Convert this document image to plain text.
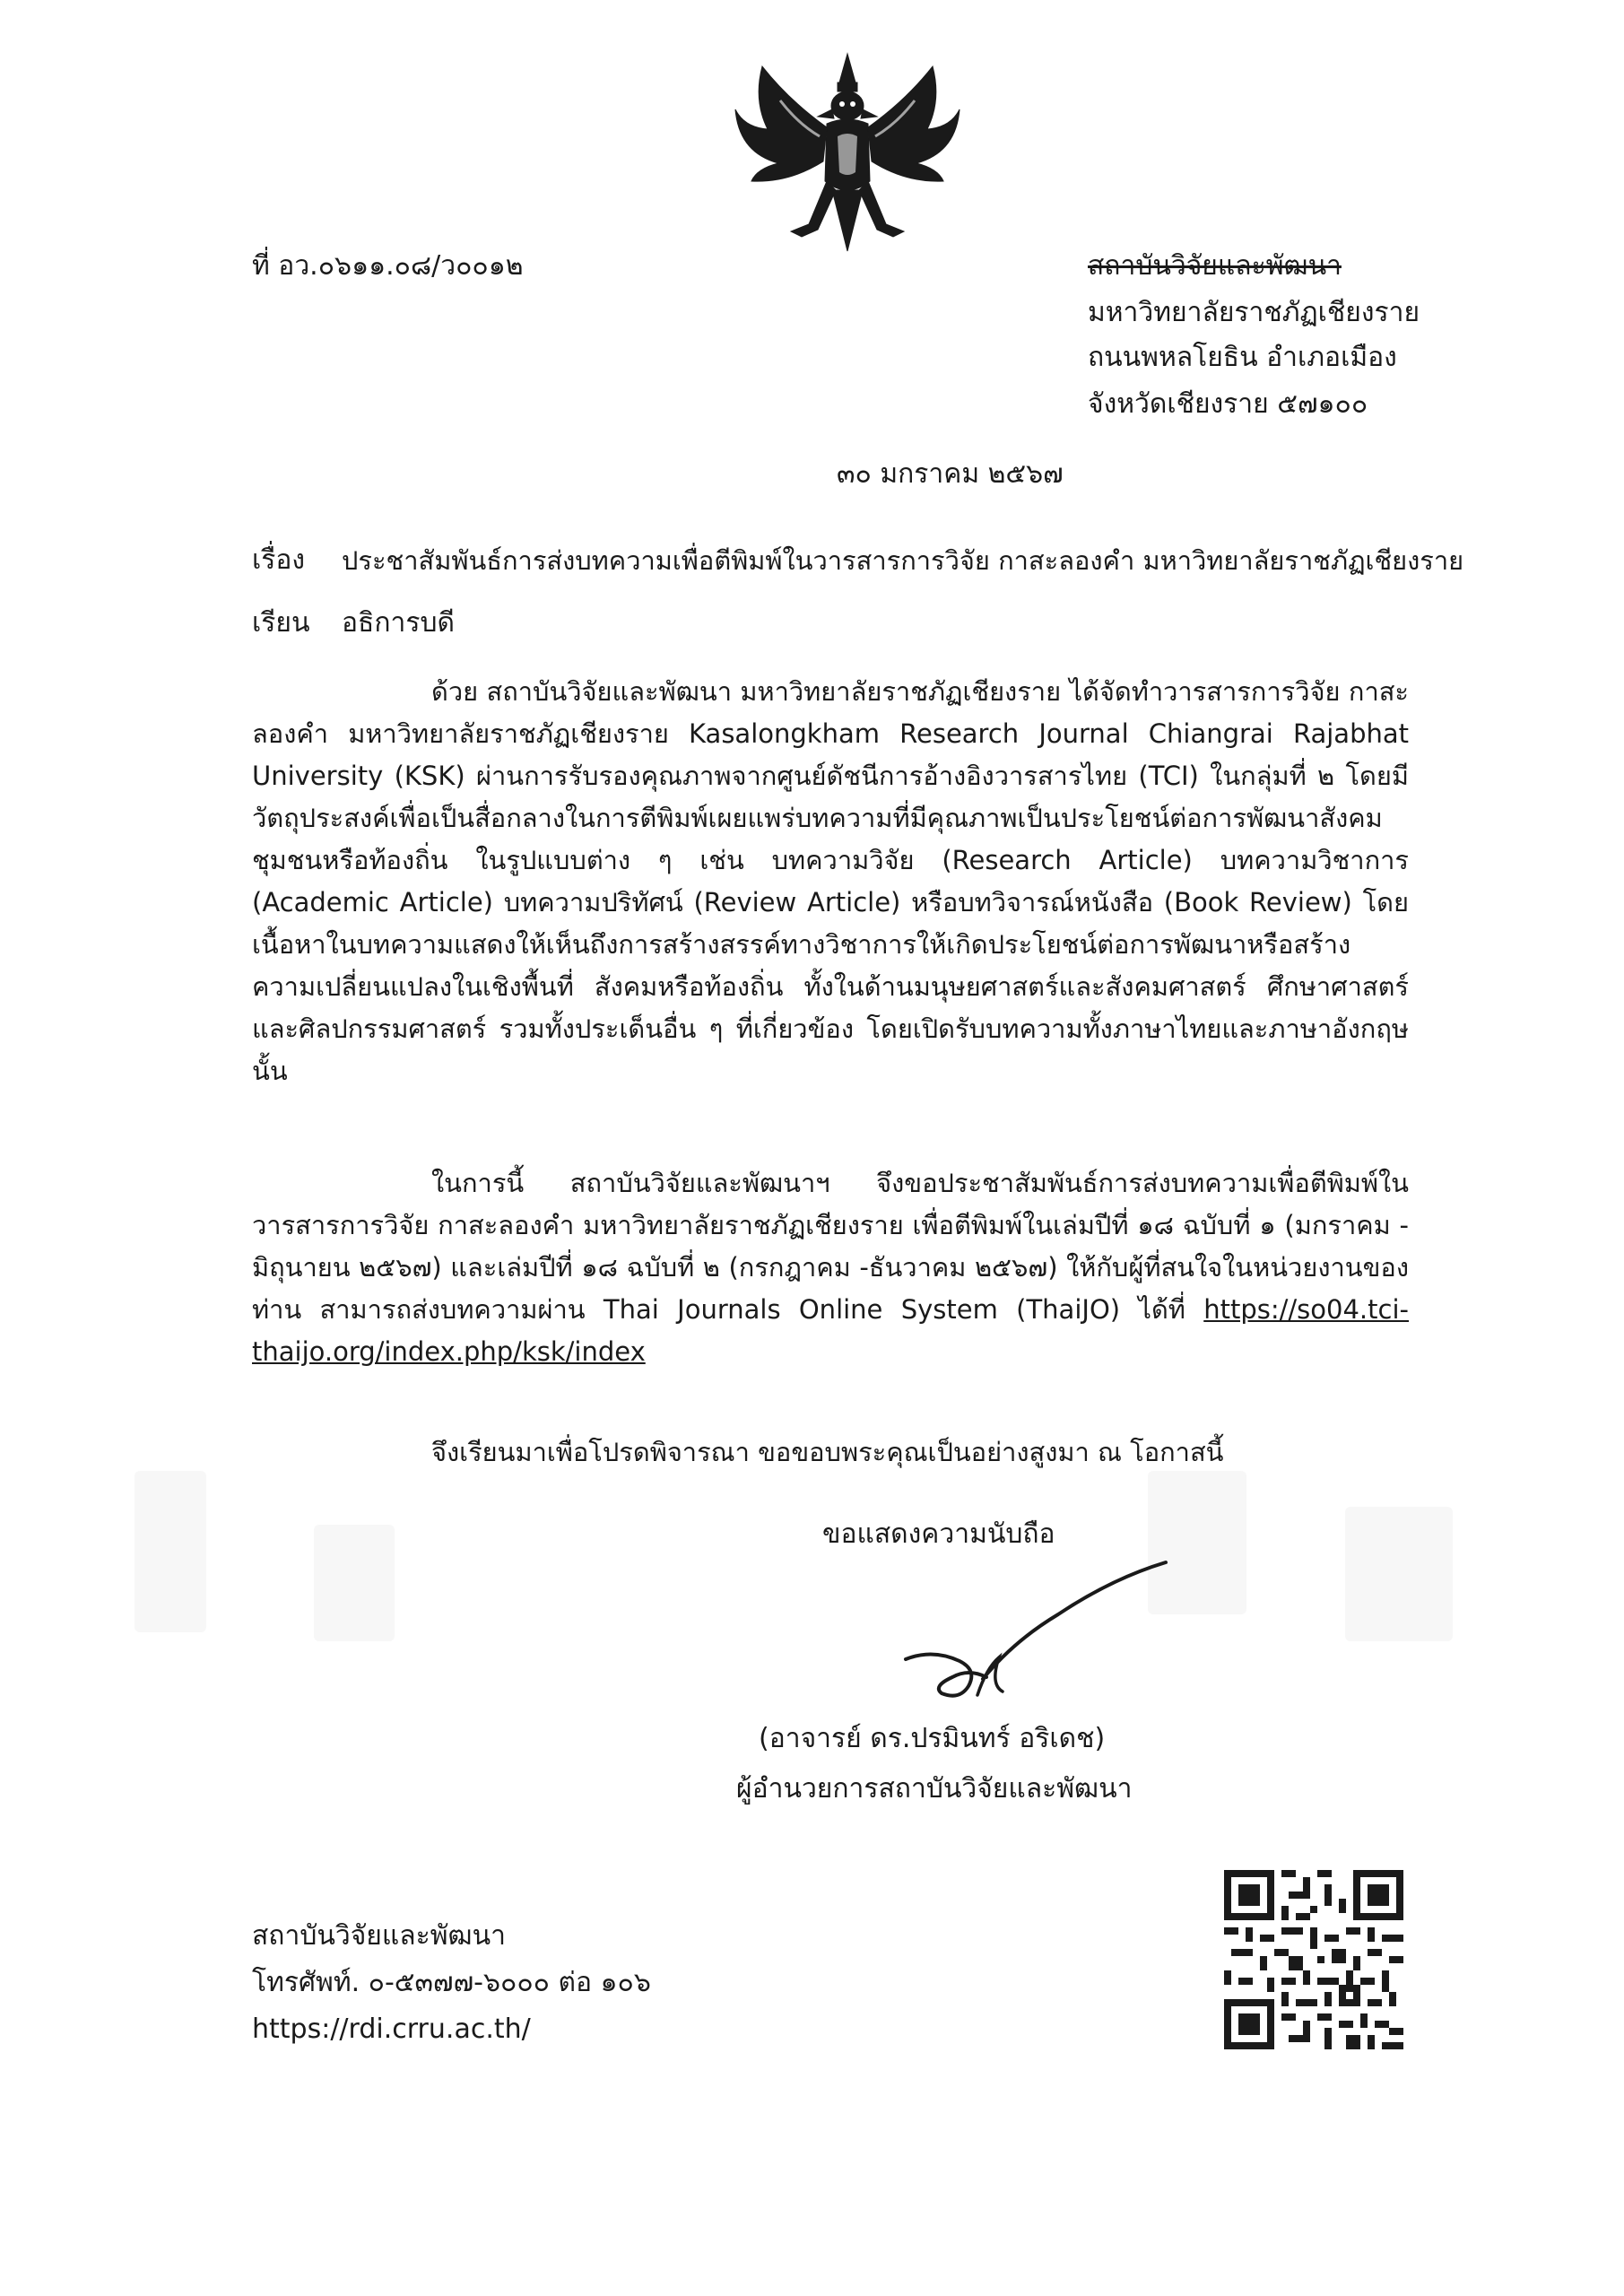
ที่ อว.๐๖๑๑.๐๘/ว๐๐๑๒	สถาบันวิจัยและพัฒนา
มหาวิทยาลัยราชภัฏเชียงราย
ถนนพหลโยธิน อำเภอเมือง
จังหวัดเชียงราย ๕๗๑๐๐
๓๐ มกราคม ๒๕๖๗
เรื่อง ประชาสัมพันธ์การส่งบทความเพื่อตีพิมพ์ในวารสารการวิจัย กาสะลองคำ มหาวิทยาลัยราชภัฏเชียงราย
เรียน อธิการบดี
ด้วย สถาบันวิจัยและพัฒนา มหาวิทยาลัยราชภัฏเชียงราย ได้จัดทำวารสารการวิจัย กาสะลองคำ มหาวิทยาลัยราชภัฏเชียงราย Kasalongkham Research Journal Chiangrai Rajabhat University (KSK) ผ่านการรับรองคุณภาพจากศูนย์ดัชนีการอ้างอิงวารสารไทย (TCI) ในกลุ่มที่ ๒ โดยมีวัตถุประสงค์เพื่อเป็นสื่อกลางในการตีพิมพ์เผยแพร่บทความที่มีคุณภาพเป็นประโยชน์ต่อการพัฒนาสังคม ชุมชนหรือท้องถิ่น ในรูปแบบต่าง ๆ เช่น บทความวิจัย (Research Article) บทความวิชาการ (Academic Article) บทความปริทัศน์ (Review Article) หรือบทวิจารณ์หนังสือ (Book Review) โดยเนื้อหาในบทความแสดงให้เห็นถึงการสร้างสรรค์ทางวิชาการให้เกิดประโยชน์ต่อการพัฒนาหรือสร้างความเปลี่ยนแปลงในเชิงพื้นที่ สังคมหรือท้องถิ่น ทั้งในด้านมนุษยศาสตร์และสังคมศาสตร์ ศึกษาศาสตร์ และศิลปกรรมศาสตร์ รวมทั้งประเด็นอื่น ๆ ที่เกี่ยวข้อง โดยเปิดรับบทความทั้งภาษาไทยและภาษาอังกฤษ นั้น
ในการนี้ สถาบันวิจัยและพัฒนาฯ จึงขอประชาสัมพันธ์การส่งบทความเพื่อตีพิมพ์ในวารสารการวิจัย กาสะลองคำ มหาวิทยาลัยราชภัฏเชียงราย เพื่อตีพิมพ์ในเล่มปีที่ ๑๘ ฉบับที่ ๑ (มกราคม - มิถุนายน ๒๕๖๗) และเล่มปีที่ ๑๘ ฉบับที่ ๒ (กรกฎาคม -ธันวาคม ๒๕๖๗) ให้กับผู้ที่สนใจในหน่วยงานของท่าน สามารถส่งบทความผ่าน Thai Journals Online System (ThaiJO) ได้ที่ https://so04.tci-thaijo.org/index.php/ksk/index
จึงเรียนมาเพื่อโปรดพิจารณา ขอขอบพระคุณเป็นอย่างสูงมา ณ โอกาสนี้
ขอแสดงความนับถือ
(อาจารย์ ดร.ปรมินทร์ อริเดช)
ผู้อำนวยการสถาบันวิจัยและพัฒนา
สถาบันวิจัยและพัฒนา
โทรศัพท์. ๐-๕๓๗๗-๖๐๐๐ ต่อ ๑๐๖
https://rdi.crru.ac.th/
